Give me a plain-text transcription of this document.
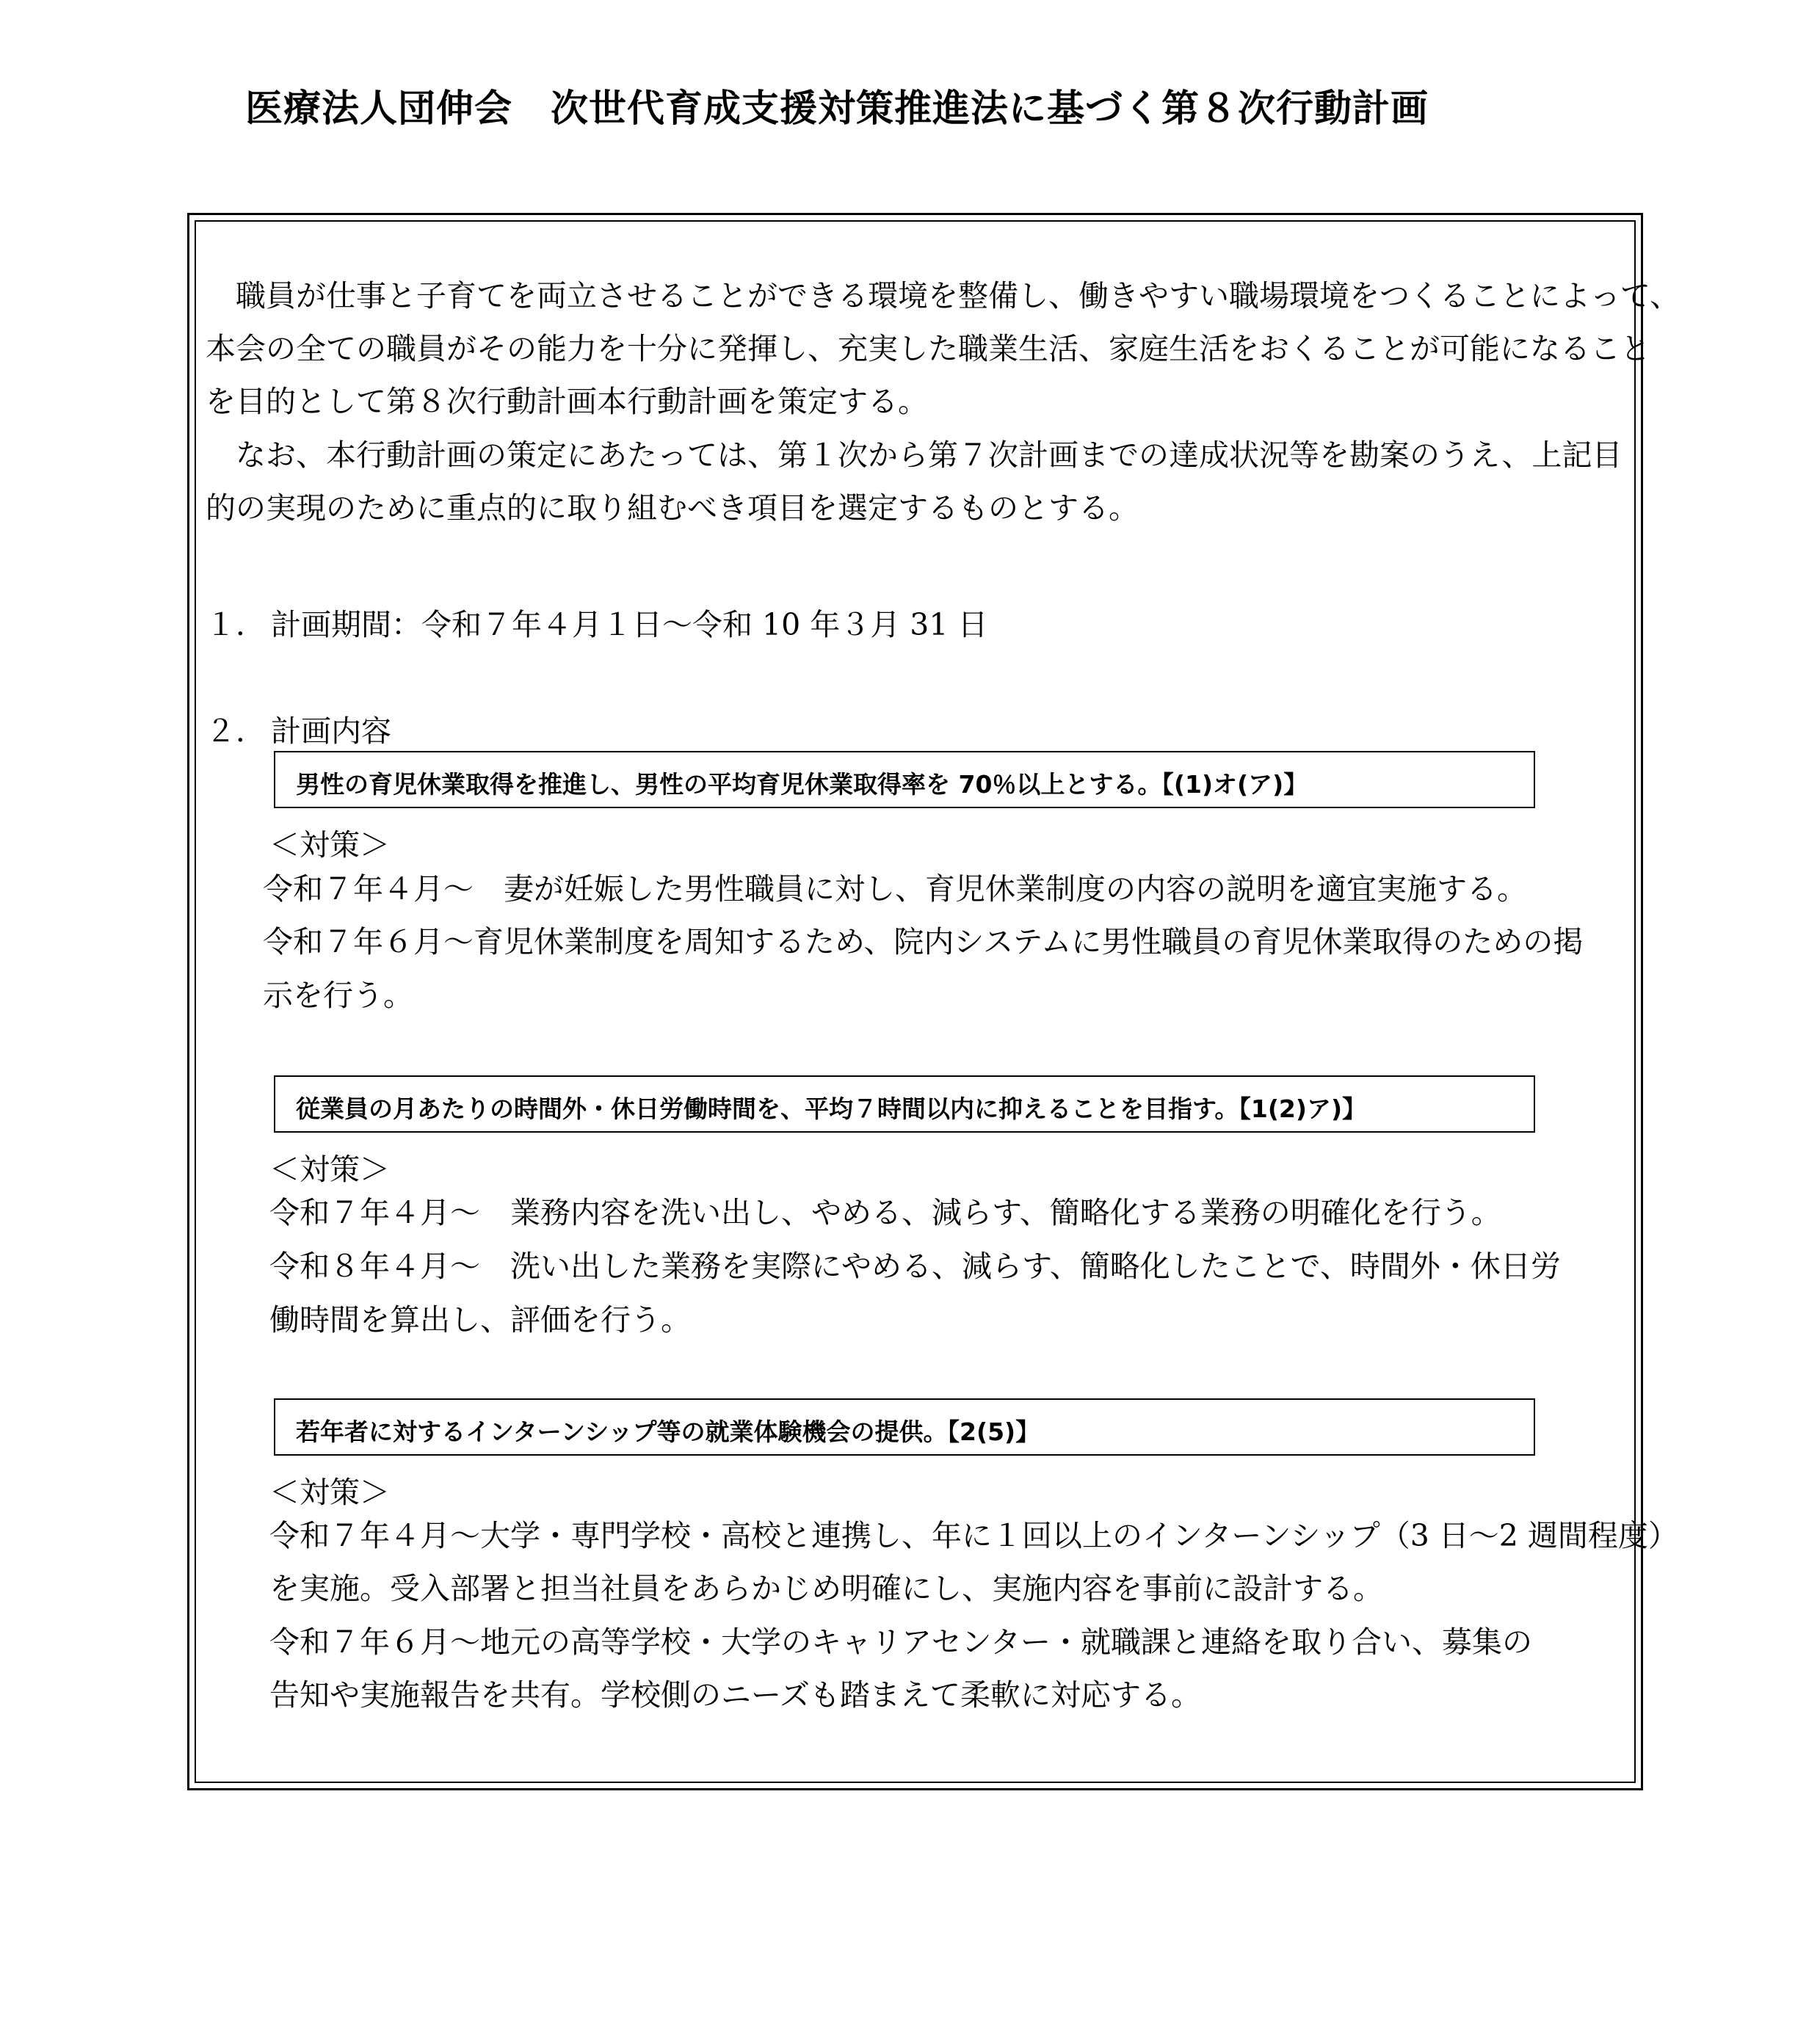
医療法人団伸会　次世代育成支援対策推進法に基づく第８次行動計画
職員が仕事と子育てを両立させることができる環境を整備し、働きやすい職場環境をつくることによって、
本会の全ての職員がその能力を十分に発揮し、充実した職業生活、家庭生活をおくることが可能になること
を目的として第８次行動計画本行動計画を策定する。
なお、本行動計画の策定にあたっては、第１次から第７次計画までの達成状況等を勘案のうえ、上記目
的の実現のために重点的に取り組むべき項目を選定するものとする。
１． 計画期間：令和７年４月１日～令和 10 年３月 31 日
２． 計画内容
男性の育児休業取得を推進し、男性の平均育児休業取得率を 70％以上とする。【(1)オ(ア)】
＜対策＞
令和７年４月～　妻が妊娠した男性職員に対し、育児休業制度の内容の説明を適宜実施する。
令和７年６月～育児休業制度を周知するため、院内システムに男性職員の育児休業取得のための掲
示を行う。
従業員の月あたりの時間外・休日労働時間を、平均７時間以内に抑えることを目指す。【1(2)ア)】
＜対策＞
令和７年４月～　業務内容を洗い出し、やめる、減らす、簡略化する業務の明確化を行う。
令和８年４月～　洗い出した業務を実際にやめる、減らす、簡略化したことで、時間外・休日労
働時間を算出し、評価を行う。
若年者に対するインターンシップ等の就業体験機会の提供。【2(5)】
＜対策＞
令和７年４月～大学・専門学校・高校と連携し、年に１回以上のインターンシップ（3 日～2 週間程度）
を実施。受入部署と担当社員をあらかじめ明確にし、実施内容を事前に設計する。
令和７年６月～地元の高等学校・大学のキャリアセンター・就職課と連絡を取り合い、募集の
告知や実施報告を共有。学校側のニーズも踏まえて柔軟に対応する。
